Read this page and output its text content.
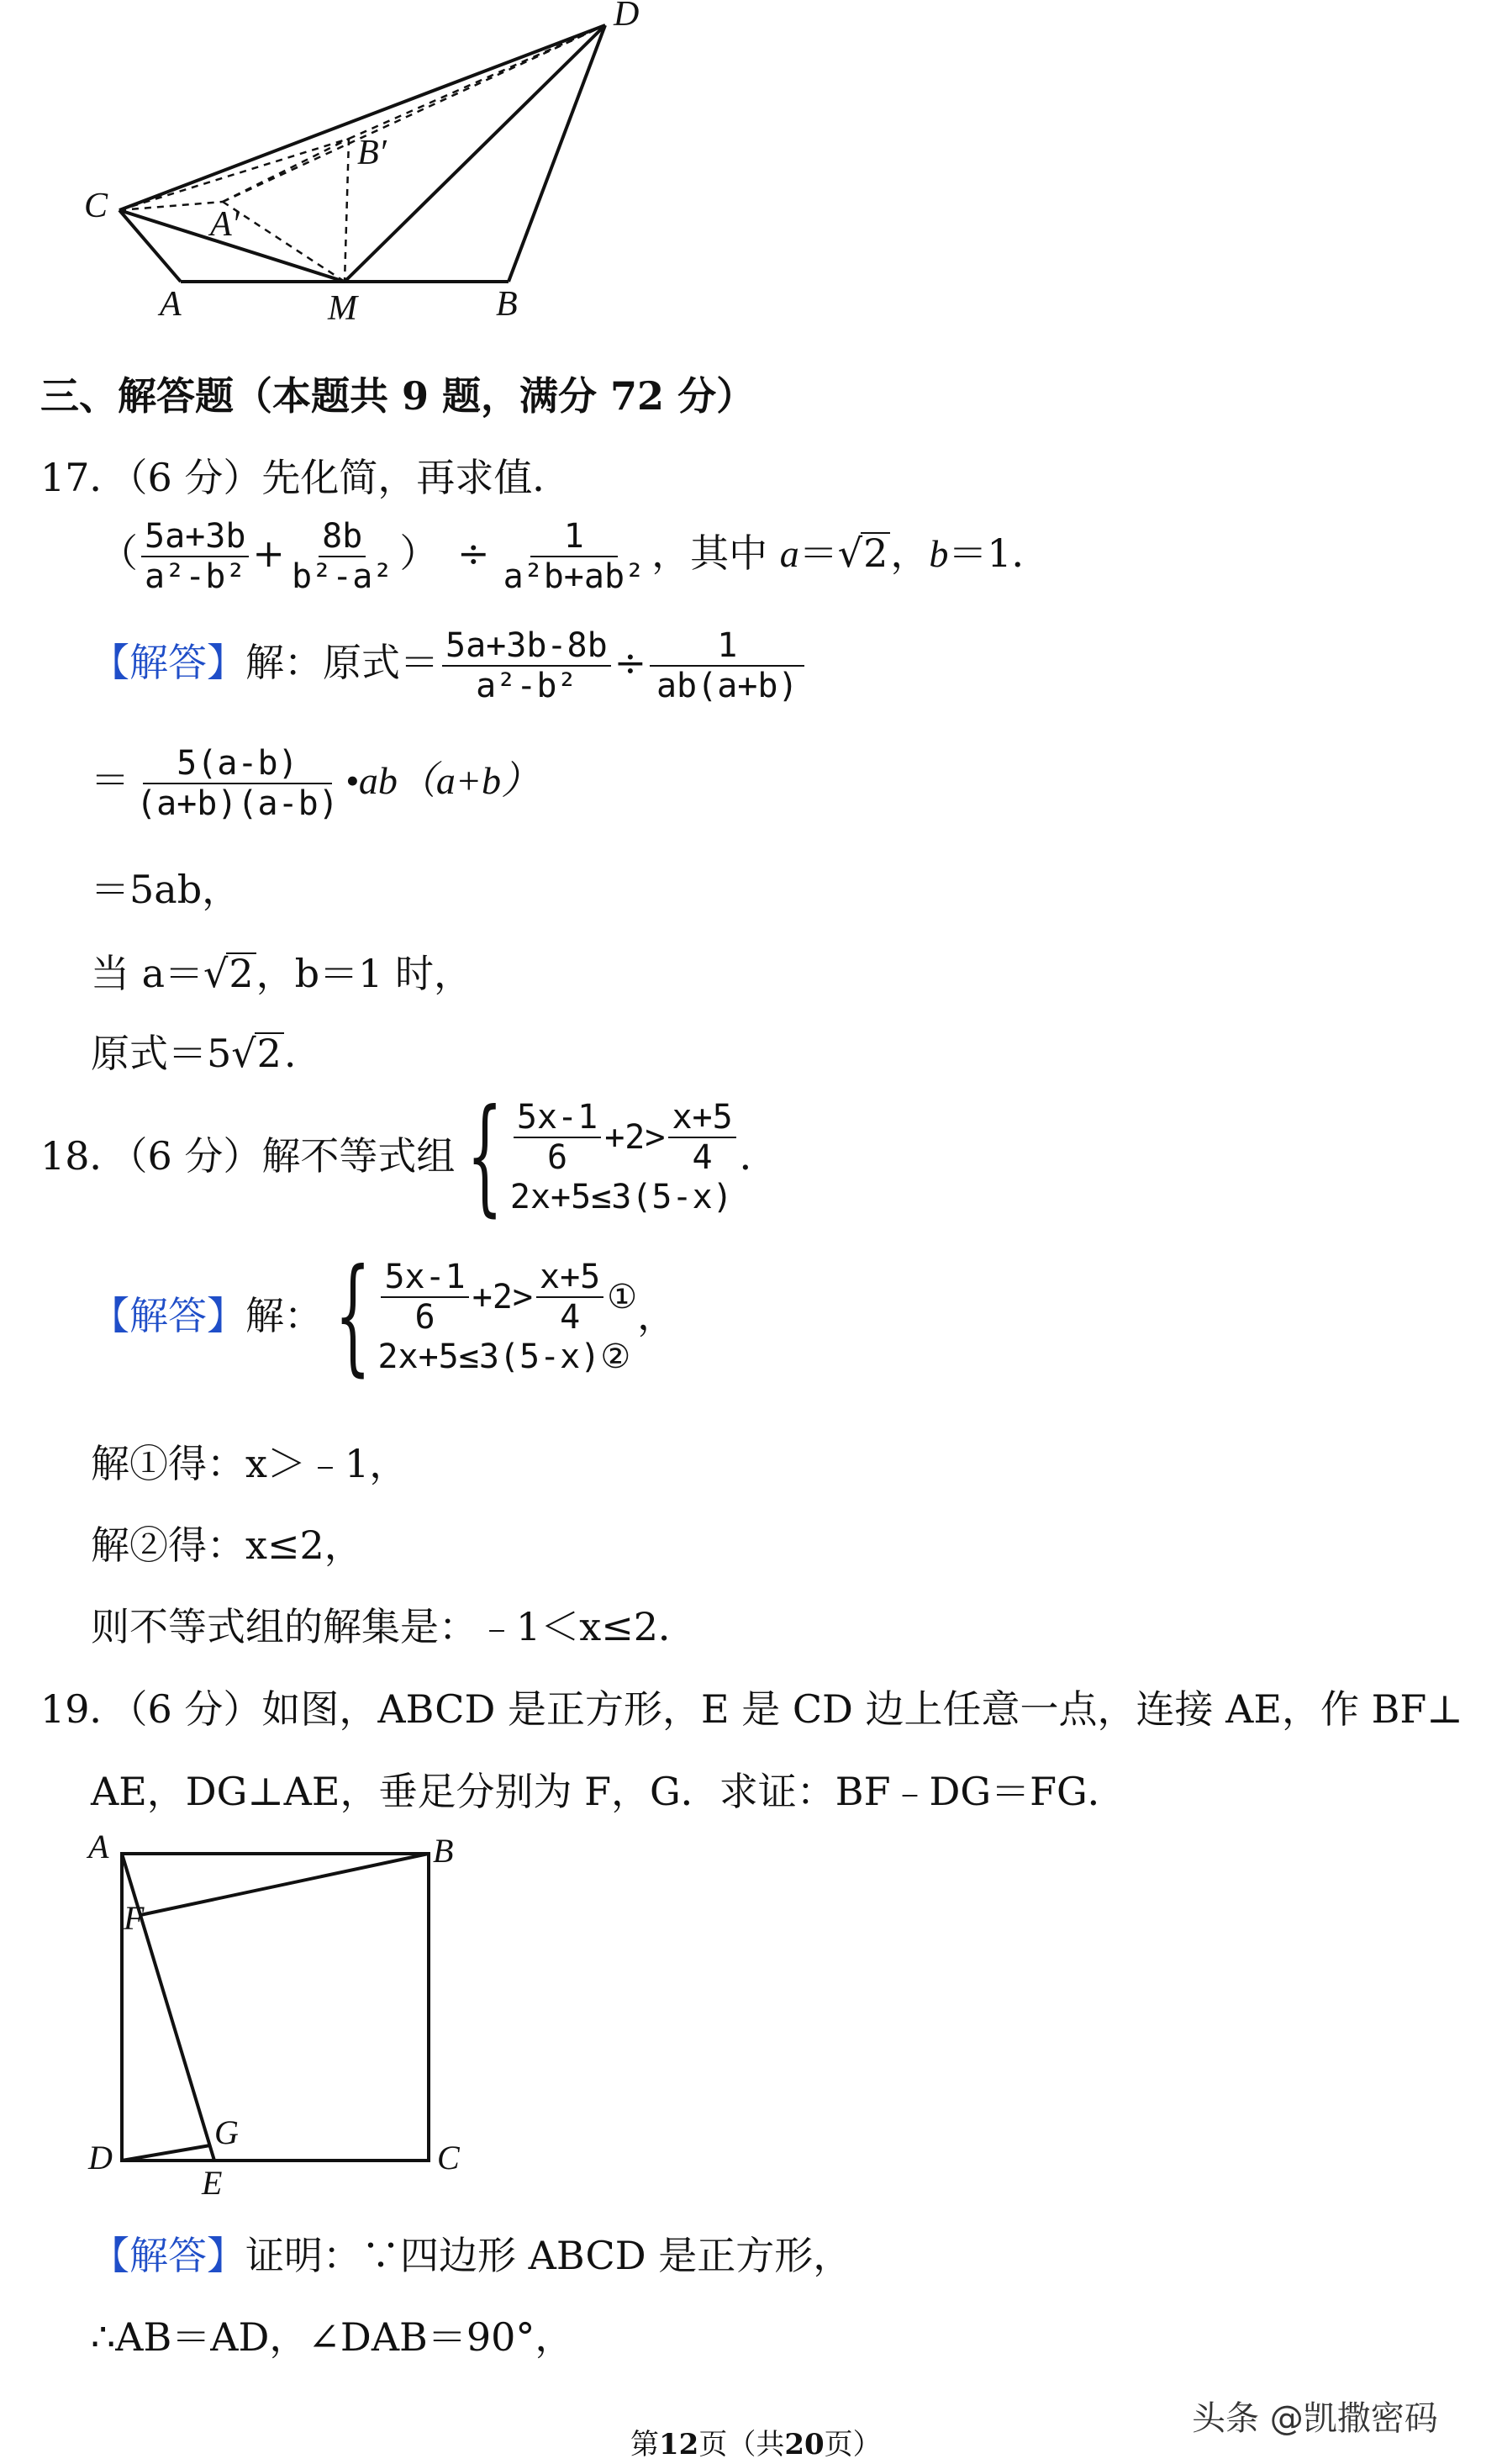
D
C
B′
A′
A	M	B
三、解答题（本题共 9 题，满分 72 分）
17．（6 分）先化简，再求值．
（ $\frac{5a+3b}{\text{a²-b²}} + \frac{8b}{\text{b²-a²}}$ ） ÷ $\frac{1}{\text{a²b+ab²}}$ ，其中 a＝√2，b＝1．
【解答】解：原式＝ $\frac{5a+3b-8b}{\text{a²-b²}} \div \frac{1}{ab(a+b)}$
＝ $\frac{5(a-b)}{(a+b)(a-b)}$ •ab（a+b）
＝5ab，
当 a＝√2，b＝1 时，
原式＝5√2.
18．（6 分）解不等式组 { $\frac{5x-1}{6} +2> \frac{x+5}{4}$
2x+5≤3(5-x)
．
【解答】 解： { $\frac{5x-1}{6} +2> \frac{x+5}{4}$ ①
2x+5≤3(5-x) ②
，
解①得：x＞﹣1，
解②得：x≤2，
则不等式组的解集是：﹣1＜x≤2．
19．（6 分）如图，ABCD 是正方形，E 是 CD 边上任意一点，连接 AE，作 BF⊥
AE，DG⊥AE，垂足分别为 F，G．求证：BF﹣DG＝FG．
A	B
C
D
E
F
G
【解答】证明：∵四边形 ABCD 是正方形，
∴AB＝AD，∠DAB＝90°，
第12页（共20页）
头条 @凯撒密码
